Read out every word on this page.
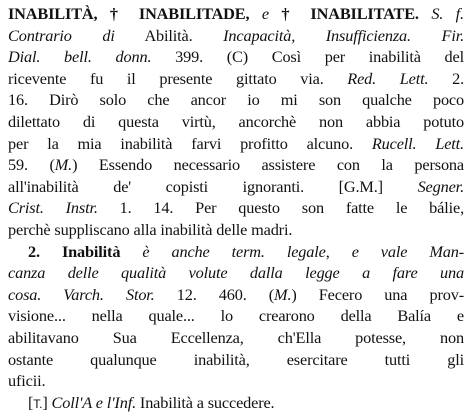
INABILITÀ, † INABILITADE, e † INABILITATE. S. f.
Contrario di Abilità. Incapacità, Insufficienza. Fir.
Dial. bell. donn. 399. (C) Così per inabilità del
ricevente fu il presente gittato via. Red. Lett. 2.
16. Dirò solo che ancor io mi son qualche poco
dilettato di questa virtù, ancorchè non abbia potuto
per la mia inabilità farvi profitto alcuno. Rucell. Lett.
59. (M.) Essendo necessario assistere con la persona
all'inabilità de' copisti ignoranti. [G.M.] Segner.
Crist. Instr. 1. 14. Per questo son fatte le bálie,
perchè suppliscano alla inabilità delle madri.
2. Inabilità è anche term. legale, e vale Man-
canza delle qualità volute dalla legge a fare una
cosa. Varch. Stor. 12. 460. (M.) Fecero una prov-
visione... nella quale... lo crearono della Balía e
abilitavano Sua Eccellenza, ch'Ella potesse, non
ostante qualunque inabilità, esercitare tutti gli
uficii.
[T.] Coll'A e l'Inf. Inabilità a succedere.
